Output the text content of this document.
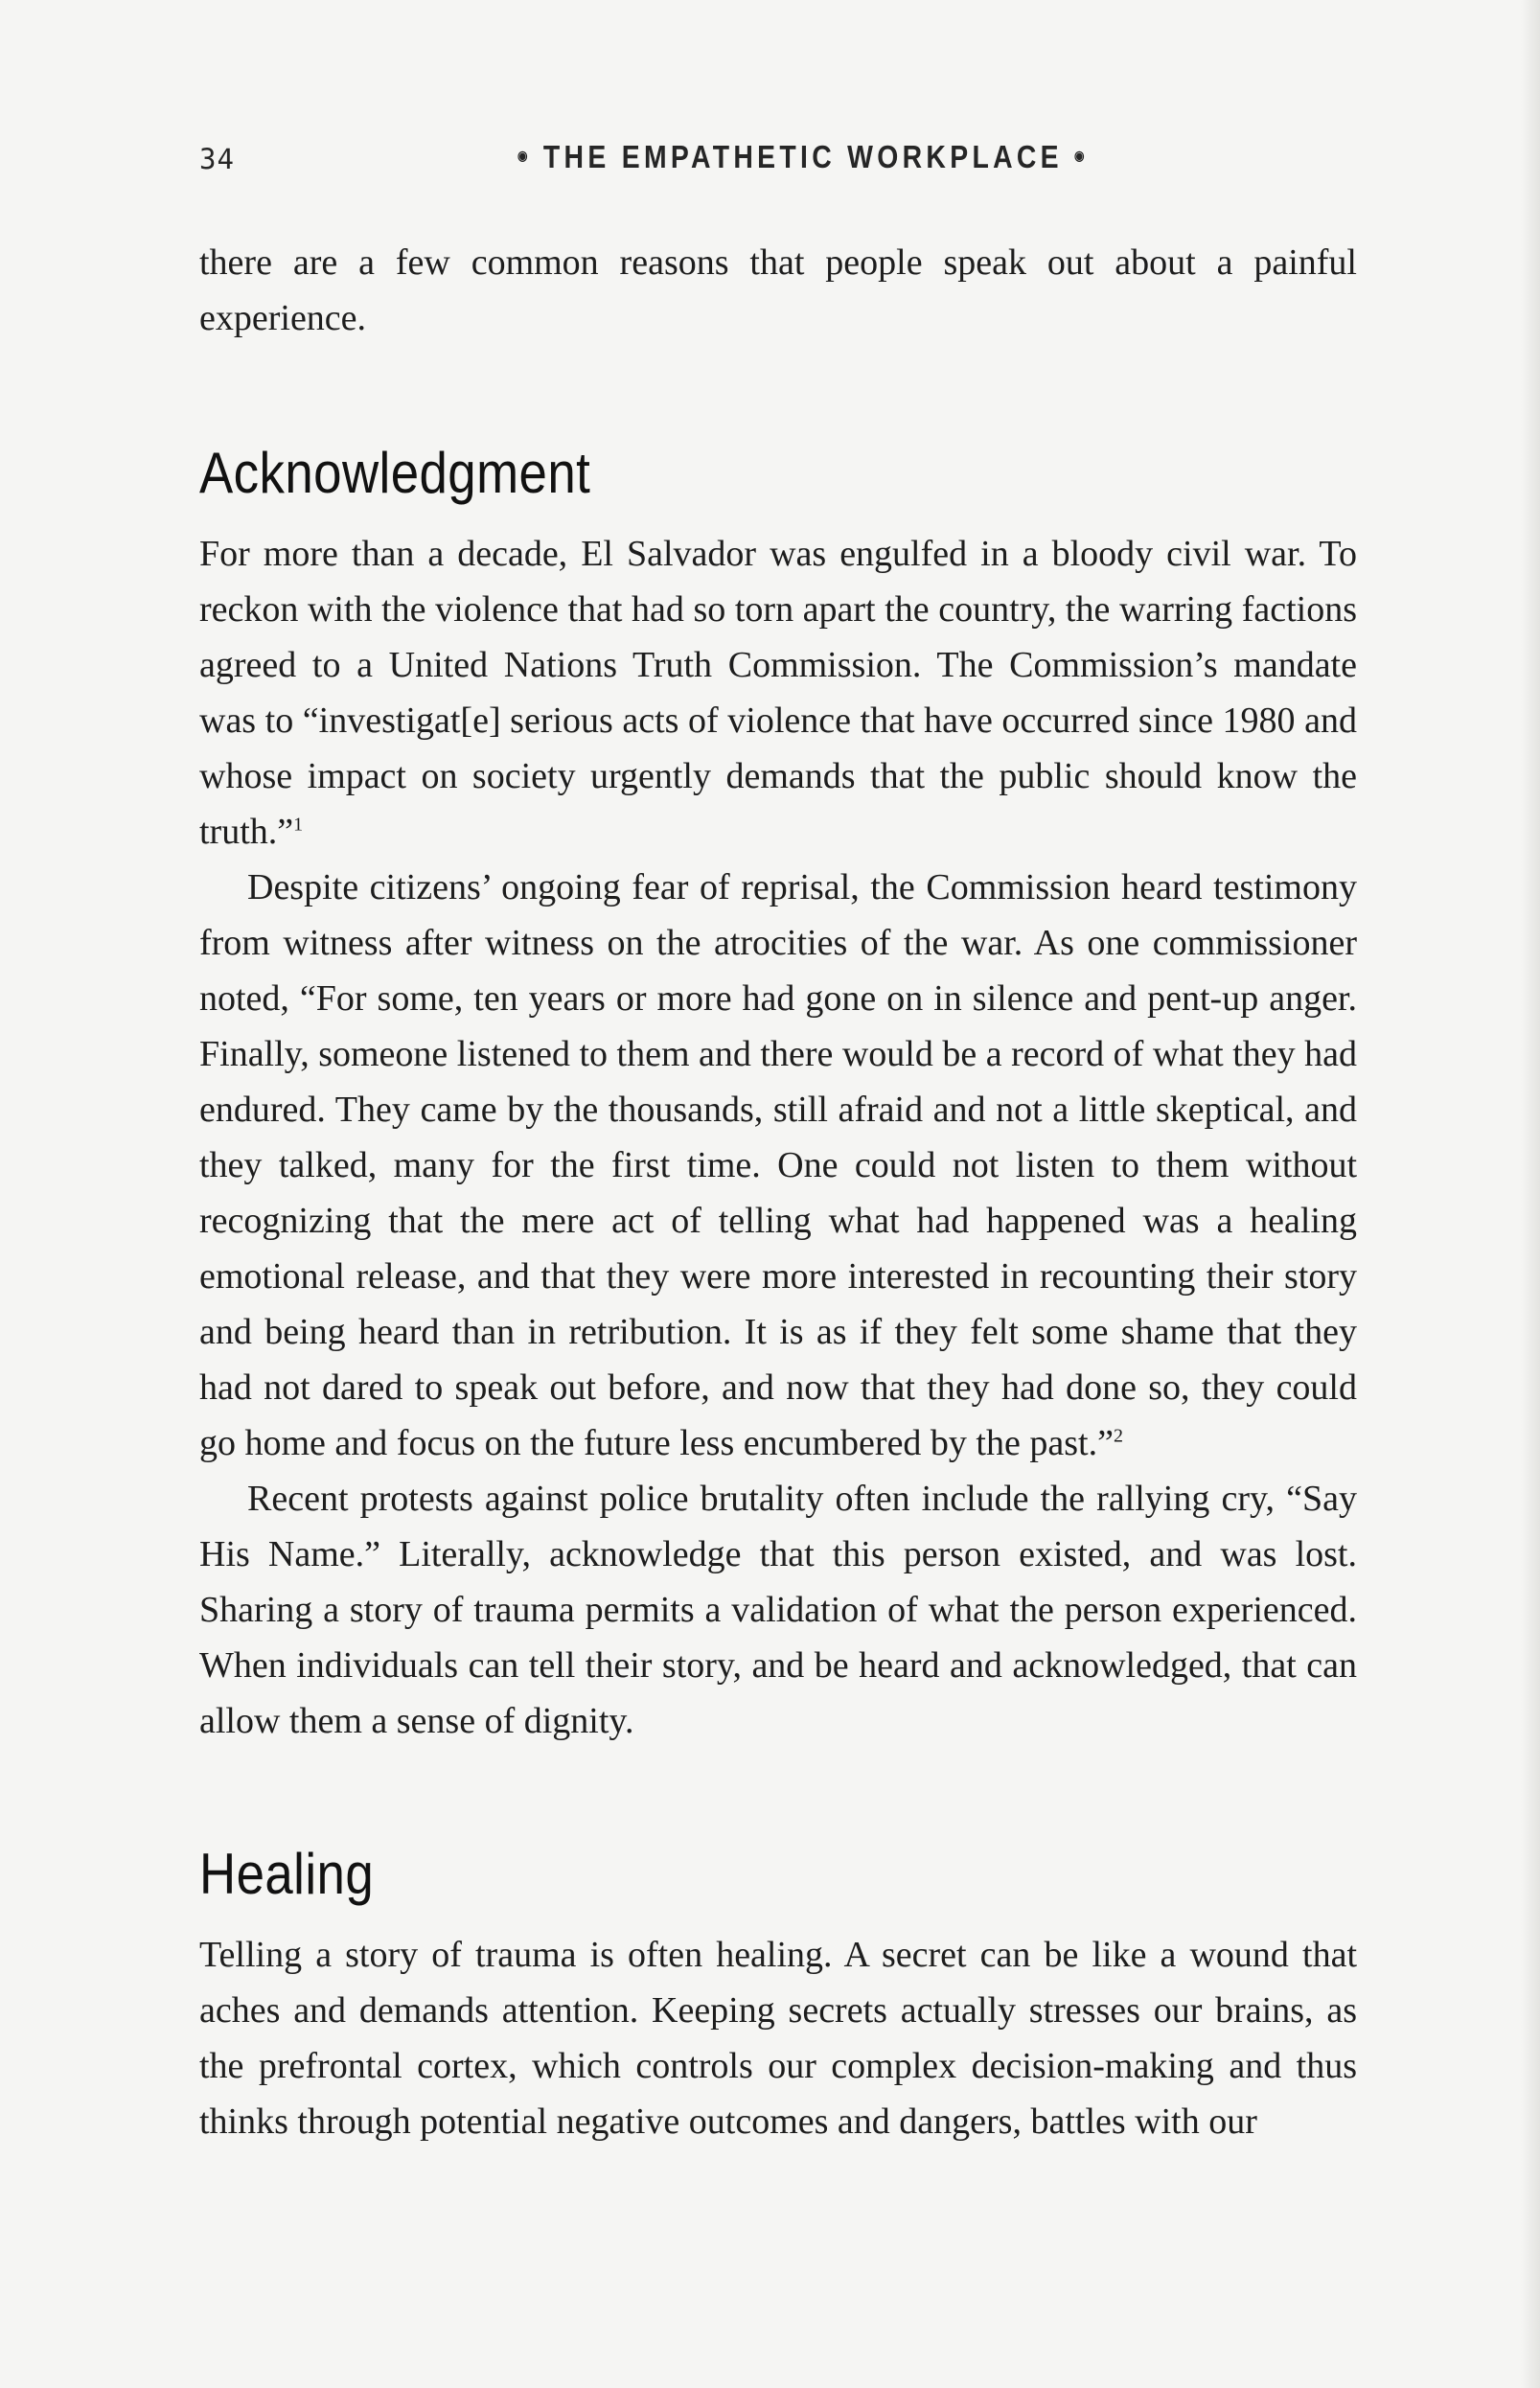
34	◉ THE EMPATHETIC WORKPLACE ◉

there are a few common reasons that people speak out about a painful experience.

Acknowledgment

For more than a decade, El Salvador was engulfed in a bloody civil war. To reckon with the violence that had so torn apart the country, the warring factions agreed to a United Nations Truth Commission. The Commission’s mandate was to “investigat[e] serious acts of violence that have occurred since 1980 and whose impact on society urgently demands that the public should know the truth.”$^1$

Despite citizens’ ongoing fear of reprisal, the Commission heard testimony from witness after witness on the atrocities of the war. As one commissioner noted, “For some, ten years or more had gone on in silence and pent-up anger. Finally, someone listened to them and there would be a record of what they had endured. They came by the thousands, still afraid and not a little skeptical, and they talked, many for the first time. One could not listen to them without recognizing that the mere act of telling what had happened was a healing emotional release, and that they were more interested in recounting their story and being heard than in retribution. It is as if they felt some shame that they had not dared to speak out before, and now that they had done so, they could go home and focus on the future less encumbered by the past.”$^2$

Recent protests against police brutality often include the rallying cry, “Say His Name.” Literally, acknowledge that this person existed, and was lost. Sharing a story of trauma permits a validation of what the person experienced. When individuals can tell their story, and be heard and acknowledged, that can allow them a sense of dignity.

Healing

Telling a story of trauma is often healing. A secret can be like a wound that aches and demands attention. Keeping secrets actually stresses our brains, as the prefrontal cortex, which controls our complex decision-making and thus thinks through potential negative outcomes and dangers, battles with our
